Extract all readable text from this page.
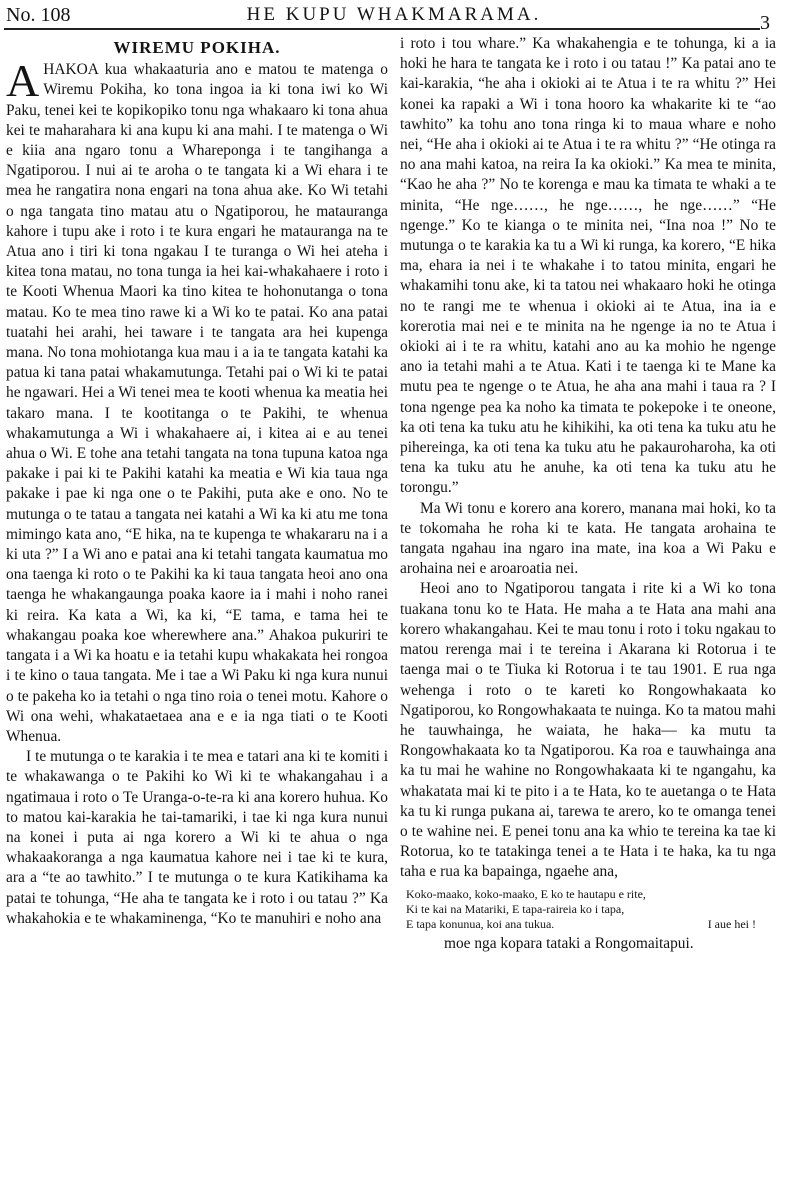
No. 108	HE KUPU WHAKMARAMA.	3
WIREMU POKIHA.

AHAKOA kua whakaaturia ano e matou te matenga o Wiremu Pokiha, ko tona ingoa ia ki tona iwi ko Wi Paku, tenei kei te kopikopiko tonu nga whakaaro ki tona ahua kei te maharahara ki ana kupu ki ana mahi. I te matenga o Wi e kiia ana ngaro tonu a Whareponga i te tangihanga a Ngatiporou. I nui ai te aroha o te tangata ki a Wi ehara i te mea he rangatira nona engari na tona ahua ake. Ko Wi tetahi o nga tangata tino matau atu o Ngatiporou, he matauranga kahore i tupu ake i roto i te kura engari he matauranga na te Atua ano i tiri ki tona ngakau I te turanga o Wi hei ateha i kitea tona matau, no tona tunga ia hei kai-whakahaere i roto i te Kooti Whenua Maori ka tino kitea te hohonutanga o tona matau. Ko te mea tino rawe ki a Wi ko te patai. Ko ana patai tuatahi hei arahi, hei taware i te tangata ara hei kupenga mana. No tona mohiotanga kua mau i a ia te tangata katahi ka patua ki tana patai whakamutunga. Tetahi pai o Wi ki te patai he ngawari. Hei a Wi tenei mea te kooti whenua ka meatia hei takaro mana. I te kootitanga o te Pakihi, te whenua whakamutunga a Wi i whakahaere ai, i kitea ai e au tenei ahua o Wi. E tohe ana tetahi tangata na tona tupuna katoa nga pakake i pai ki te Pakihi katahi ka meatia e Wi kia taua nga pakake i pae ki nga one o te Pakihi, puta ake e ono. No te mutunga o te tatau a tangata nei katahi a Wi ka ki atu me tona mimingo kata ano, “E hika, na te kupenga te whakararu na i a ki uta ?” I a Wi ano e patai ana ki tetahi tangata kaumatua mo ona taenga ki roto o te Pakihi ka ki taua tangata heoi ano ona taenga he whakangaunga poaka kaore ia i mahi i noho ranei ki reira. Ka kata a Wi, ka ki, “E tama, e tama hei te whakangau poaka koe wherewhere ana.” Ahakoa pukuriri te tangata i a Wi ka hoatu e ia tetahi kupu whakakata hei rongoa i te kino o taua tangata. Me i tae a Wi Paku ki nga kura nunui o te pakeha ko ia tetahi o nga tino roia o tenei motu. Kahore o Wi ona wehi, whakataetaea ana e e ia nga tiati o te Kooti Whenua.

I te mutunga o te karakia i te mea e tatari ana ki te komiti i te whakawanga o te Pakihi ko Wi ki te whakangahau i a ngatimaua i roto o Te Uranga-o-te-ra ki ana korero huhua. Ko to matou kai-karakia he tai-tamariki, i tae ki nga kura nunui na konei i puta ai nga korero a Wi ki te ahua o nga whakaakoranga a nga kaumatua kahore nei i tae ki te kura, ara a “te ao tawhito.” I te mutunga o te kura Katikihama ka patai te tohunga, “He aha te tangata ke i roto i ou tatau ?” Ka whakahokia e te whakaminenga, “Ko te manuhiri e noho ana

i roto i tou whare.” Ka whakahengia e te tohunga, ki a ia hoki he hara te tangata ke i roto i ou tatau !” Ka patai ano te kai-karakia, “he aha i okioki ai te Atua i te ra whitu ?” Hei konei ka rapaki a Wi i tona hooro ka whakarite ki te “ao tawhito” ka tohu ano tona ringa ki to maua whare e noho nei, “He aha i okioki ai te Atua i te ra whitu ?” “He otinga ra no ana mahi katoa, na reira Ia ka okioki.” Ka mea te minita, “Kao he aha ?” No te korenga e mau ka timata te whaki a te minita, “He nge……, he nge……, he nge……” “He ngenge.” Ko te kianga o te minita nei, “Ina noa !” No te mutunga o te karakia ka tu a Wi ki runga, ka korero, “E hika ma, ehara ia nei i te whakahe i to tatou minita, engari he whakamihi tonu ake, ki ta tatou nei whakaaro hoki he otinga no te rangi me te whenua i okioki ai te Atua, ina ia e korerotia mai nei e te minita na he ngenge ia no te Atua i okioki ai i te ra whitu, katahi ano au ka mohio he ngenge ano ia tetahi mahi a te Atua. Kati i te taenga ki te Mane ka mutu pea te ngenge o te Atua, he aha ana mahi i taua ra ? I tona ngenge pea ka noho ka timata te pokepoke i te oneone, ka oti tena ka tuku atu he kihikihi, ka oti tena ka tuku atu he pihereinga, ka oti tena ka tuku atu he pakauroharoha, ka oti tena ka tuku atu he anuhe, ka oti tena ka tuku atu he torongu.”

Ma Wi tonu e korero ana korero, manana mai hoki, ko ta te tokomaha he roha ki te kata. He tangata arohaina te tangata ngahau ina ngaro ina mate, ina koa a Wi Paku e arohaina nei e aroaroatia nei.

Heoi ano to Ngatiporou tangata i rite ki a Wi ko tona tuakana tonu ko te Hata. He maha a te Hata ana mahi ana korero whakangahau. Kei te mau tonu i roto i toku ngakau to matou rerenga mai i te tereina i Akarana ki Rotorua i te taenga mai o te Tiuka ki Rotorua i te tau 1901. E rua nga wehenga i roto o te kareti ko Rongowhakaata ko Ngatiporou, ko Rongowhakaata te nuinga. Ko ta matou mahi he tauwhainga, he waiata, he haka— ka mutu ta Rongowhakaata ko ta Ngatiporou. Ka roa e tauwhainga ana ka tu mai he wahine no Rongowhakaata ki te ngangahu, ka whakatata mai ki te pito i a te Hata, ko te auetanga o te Hata ka tu ki runga pukana ai, tarewa te arero, ko te omanga tenei o te wahine nei. E penei tonu ana ka whio te tereina ka tae ki Rotorua, ko te tatakinga tenei a te Hata i te haka, ka tu nga taha e rua ka bapainga, ngaehe ana,

Koko-maako, koko-maako, E ko te hautapu e rite,
Ki te kai na Matariki, E tapa-raireia ko i tapa,
E tapa konunua, koi ana tukua.	I aue hei !

moe nga kopara tataki a Rongomaitapui.
